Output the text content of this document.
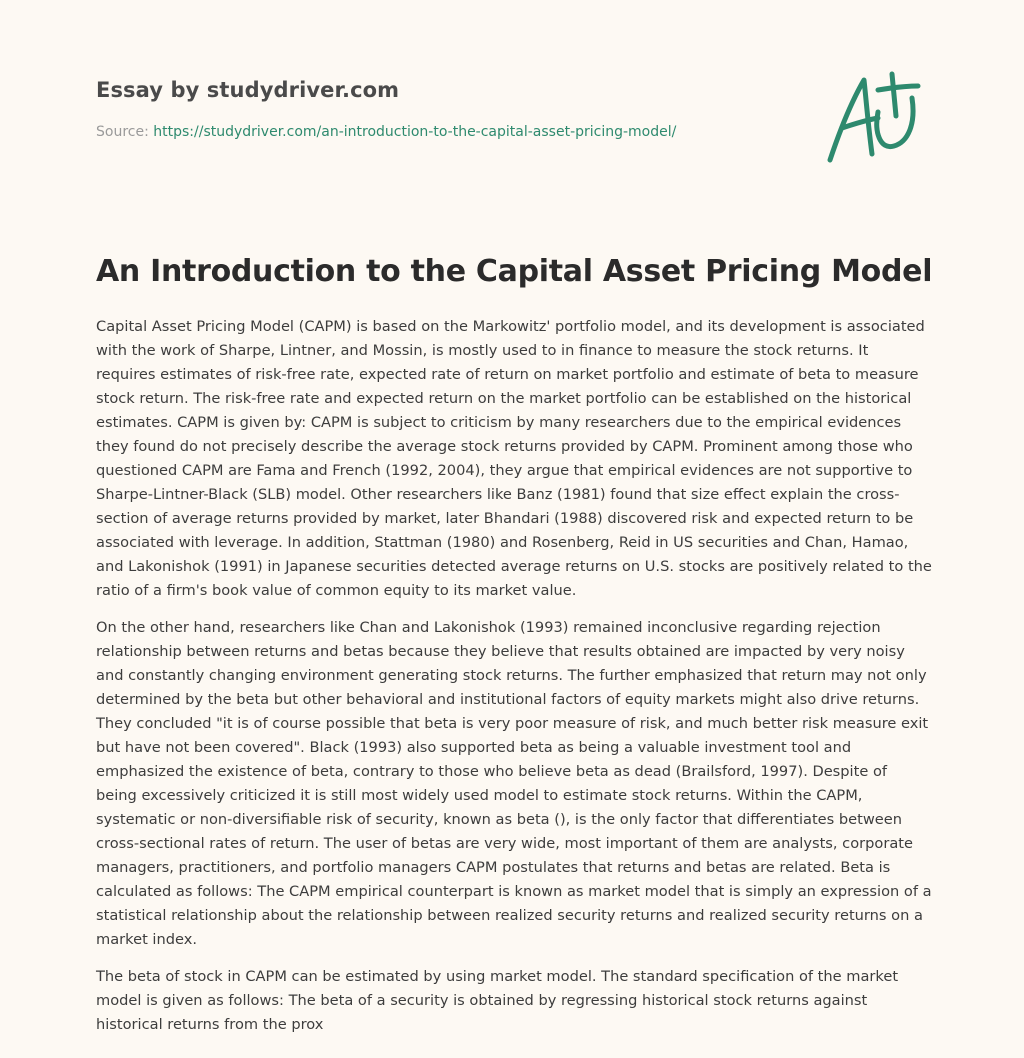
Essay by studydriver.com
Source: https://studydriver.com/an-introduction-to-the-capital-asset-pricing-model/
An Introduction to the Capital Asset Pricing Model

Capital Asset Pricing Model (CAPM) is based on the Markowitz' portfolio model, and its development is associated with the work of Sharpe, Lintner, and Mossin, is mostly used to in finance to measure the stock returns. It requires estimates of risk-free rate, expected rate of return on market portfolio and estimate of beta to measure stock return. The risk-free rate and expected return on the market portfolio can be established on the historical estimates. CAPM is given by: CAPM is subject to criticism by many researchers due to the empirical evidences they found do not precisely describe the average stock returns provided by CAPM. Prominent among those who questioned CAPM are Fama and French (1992, 2004), they argue that empirical evidences are not supportive to Sharpe-Lintner-Black (SLB) model. Other researchers like Banz (1981) found that size effect explain the cross-section of average returns provided by market, later Bhandari (1988) discovered risk and expected return to be associated with leverage. In addition, Stattman (1980) and Rosenberg, Reid in US securities and Chan, Hamao, and Lakonishok (1991) in Japanese securities detected average returns on U.S. stocks are positively related to the ratio of a firm's book value of common equity to its market value.

On the other hand, researchers like Chan and Lakonishok (1993) remained inconclusive regarding rejection relationship between returns and betas because they believe that results obtained are impacted by very noisy and constantly changing environment generating stock returns. The further emphasized that return may not only determined by the beta but other behavioral and institutional factors of equity markets might also drive returns. They concluded "it is of course possible that beta is very poor measure of risk, and much better risk measure exit but have not been covered". Black (1993) also supported beta as being a valuable investment tool and emphasized the existence of beta, contrary to those who believe beta as dead (Brailsford, 1997). Despite of being excessively criticized it is still most widely used model to estimate stock returns. Within the CAPM, systematic or non-diversifiable risk of security, known as beta (), is the only factor that differentiates between cross-sectional rates of return. The user of betas are very wide, most important of them are analysts, corporate managers, practitioners, and portfolio managers CAPM postulates that returns and betas are related. Beta is calculated as follows: The CAPM empirical counterpart is known as market model that is simply an expression of a statistical relationship about the relationship between realized security returns and realized security returns on a market index.

The beta of stock in CAPM can be estimated by using market model. The standard specification of the market model is given as follows: The beta of a security is obtained by regressing historical stock returns against historical returns from the prox
